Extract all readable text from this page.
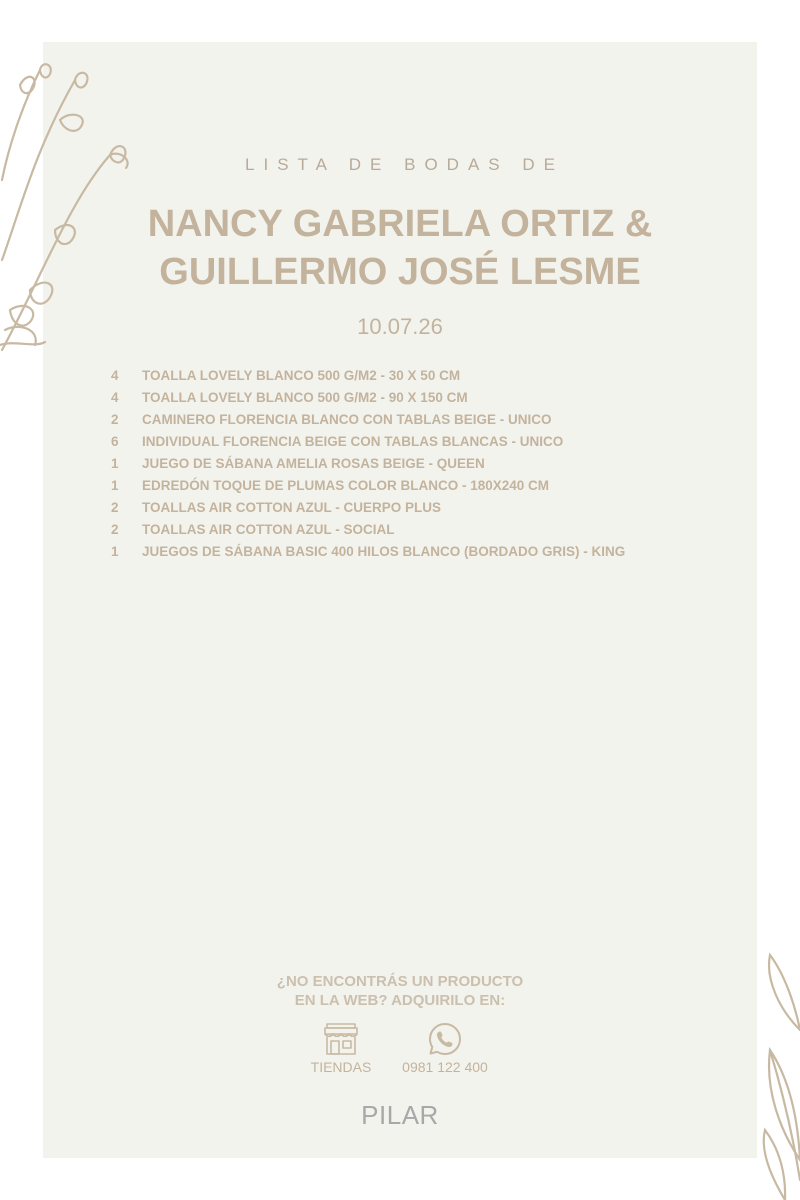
LISTA DE BODAS DE
NANCY GABRIELA ORTIZ &
GUILLERMO JOSÉ LESME
10.07.26
4	TOALLA LOVELY BLANCO 500 G/M2 - 30 X 50 CM
4	TOALLA LOVELY BLANCO 500 G/M2 - 90 X 150 CM
2	CAMINERO FLORENCIA BLANCO CON TABLAS BEIGE - UNICO
6	INDIVIDUAL FLORENCIA BEIGE CON TABLAS BLANCAS - UNICO
1	JUEGO DE SÁBANA AMELIA ROSAS BEIGE - QUEEN
1	EDREDÓN TOQUE DE PLUMAS COLOR BLANCO - 180X240 CM
2	TOALLAS AIR COTTON AZUL - CUERPO PLUS
2	TOALLAS AIR COTTON AZUL - SOCIAL
1	JUEGOS DE SÁBANA BASIC 400 HILOS BLANCO (BORDADO GRIS) - KING
¿NO ENCONTRÁS UN PRODUCTO
EN LA WEB? ADQUIRILO EN:
TIENDAS	0981 122 400
PILAR
